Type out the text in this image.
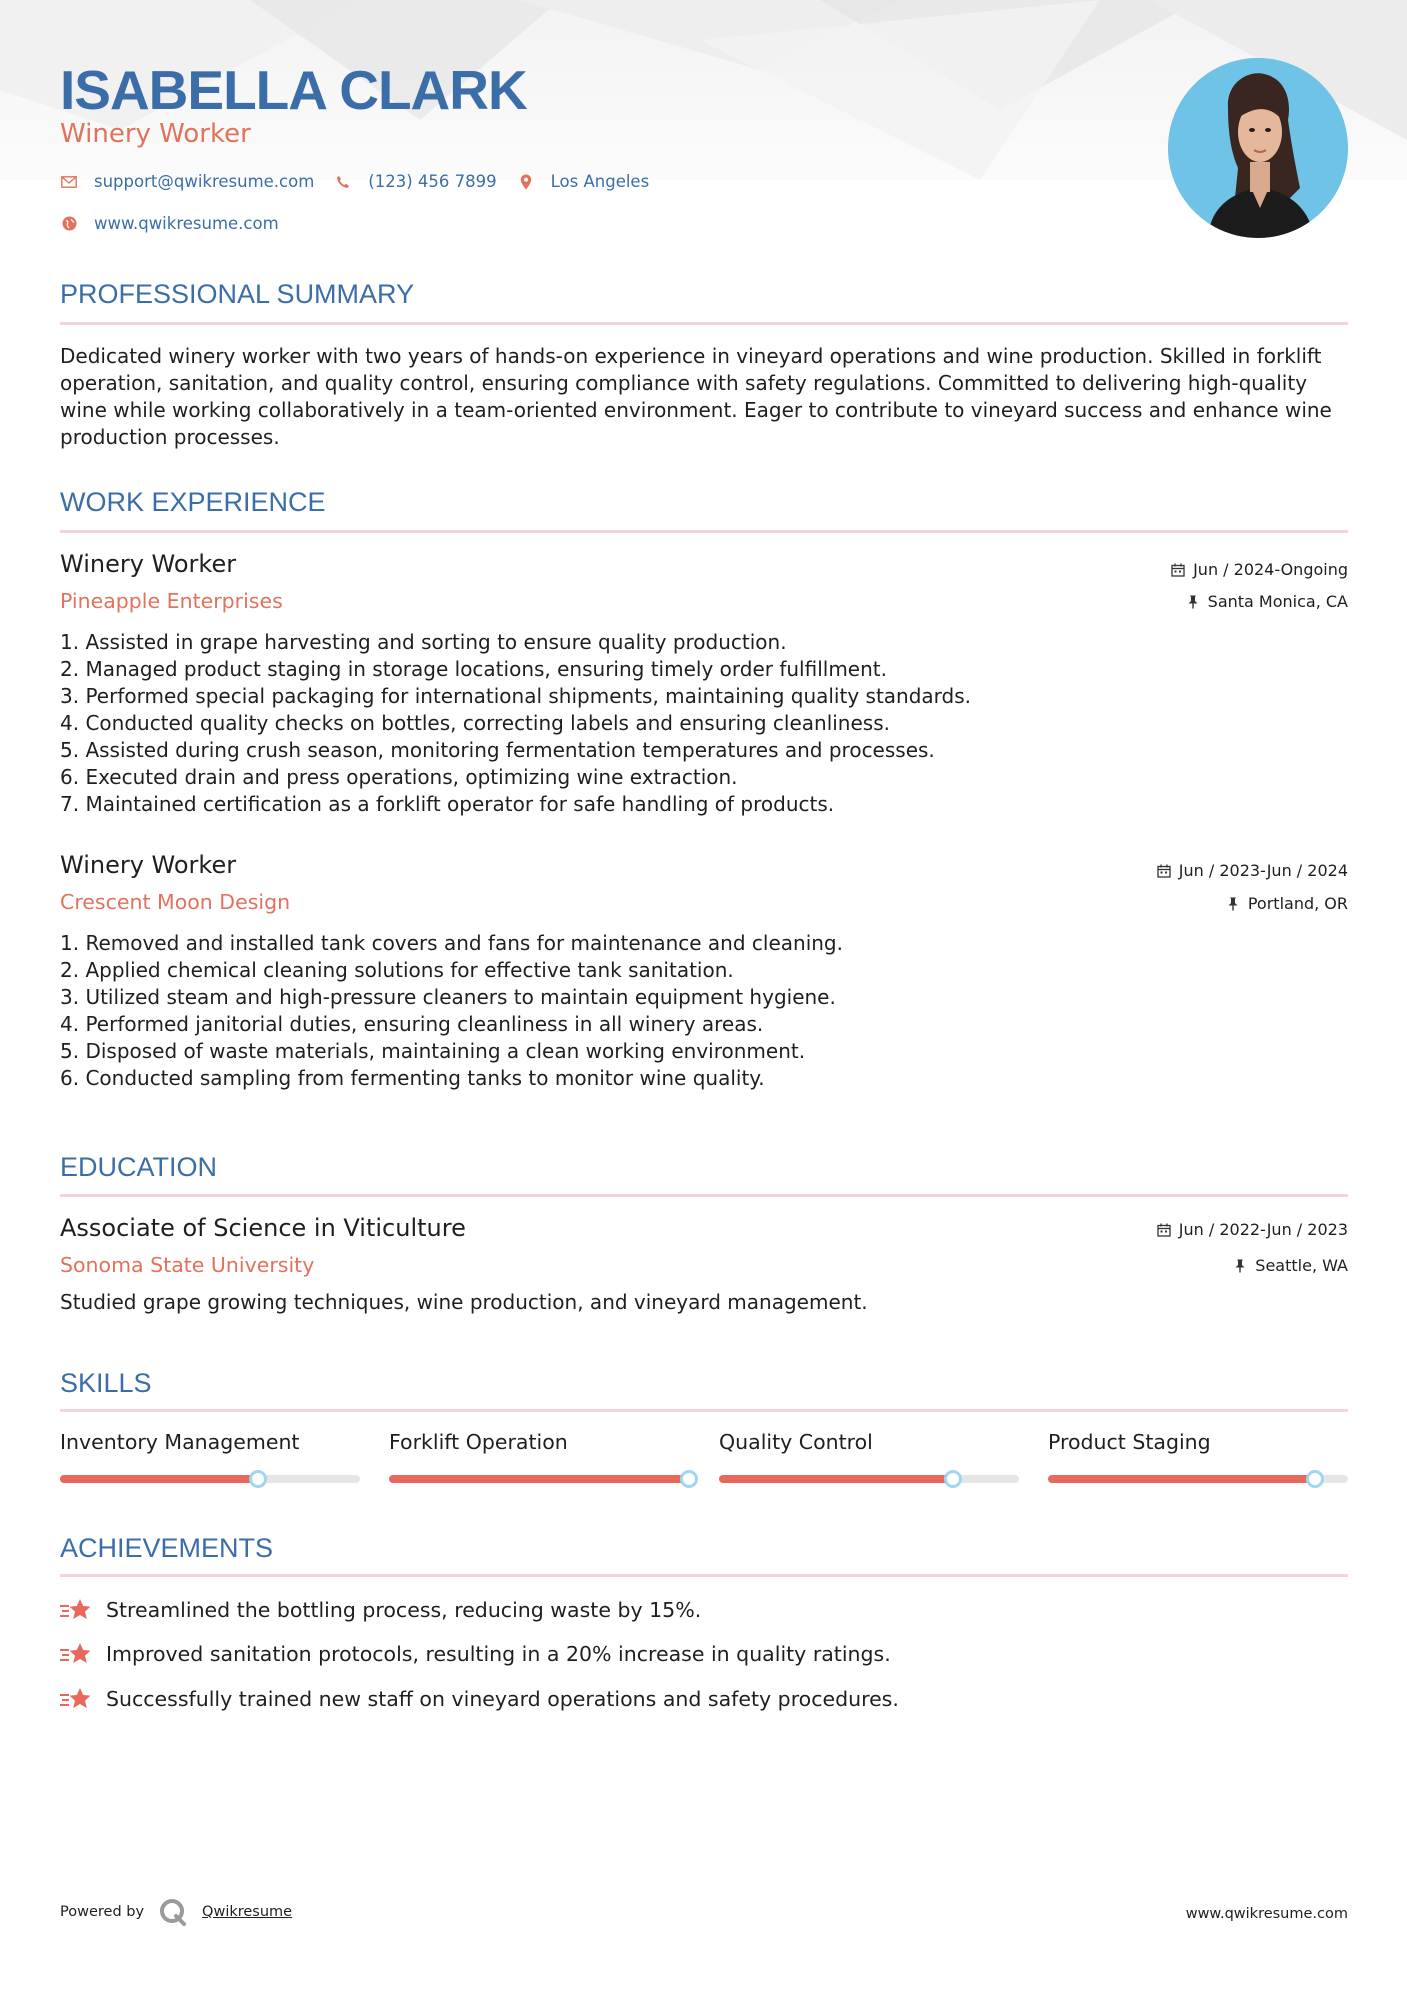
ISABELLA CLARK
Winery Worker
support@qwikresume.com	(123) 456 7899	Los Angeles
www.qwikresume.com
PROFESSIONAL SUMMARY

Dedicated winery worker with two years of hands-on experience in vineyard operations and wine production. Skilled in forklift operation, sanitation, and quality control, ensuring compliance with safety regulations. Committed to delivering high-quality wine while working collaboratively in a team-oriented environment. Eager to contribute to vineyard success and enhance wine production processes.

WORK EXPERIENCE
Winery Worker
Pineapple Enterprises
Jun / 2024-Ongoing
Santa Monica, CA
1. Assisted in grape harvesting and sorting to ensure quality production.
2. Managed product staging in storage locations, ensuring timely order fulfillment.
3. Performed special packaging for international shipments, maintaining quality standards.
4. Conducted quality checks on bottles, correcting labels and ensuring cleanliness.
5. Assisted during crush season, monitoring fermentation temperatures and processes.
6. Executed drain and press operations, optimizing wine extraction.
7. Maintained certification as a forklift operator for safe handling of products.
Winery Worker
Crescent Moon Design
Jun / 2023-Jun / 2024
Portland, OR
1. Removed and installed tank covers and fans for maintenance and cleaning.
2. Applied chemical cleaning solutions for effective tank sanitation.
3. Utilized steam and high-pressure cleaners to maintain equipment hygiene.
4. Performed janitorial duties, ensuring cleanliness in all winery areas.
5. Disposed of waste materials, maintaining a clean working environment.
6. Conducted sampling from fermenting tanks to monitor wine quality.
EDUCATION
Associate of Science in Viticulture
Sonoma State University
Jun / 2022-Jun / 2023
Seattle, WA
Studied grape growing techniques, wine production, and vineyard management.
SKILLS
Inventory Management	Forklift Operation	Quality Control	Product Staging
ACHIEVEMENTS
Streamlined the bottling process, reducing waste by 15%.
Improved sanitation protocols, resulting in a 20% increase in quality ratings.
Successfully trained new staff on vineyard operations and safety procedures.
Powered by	Qwikresume	www.qwikresume.com
